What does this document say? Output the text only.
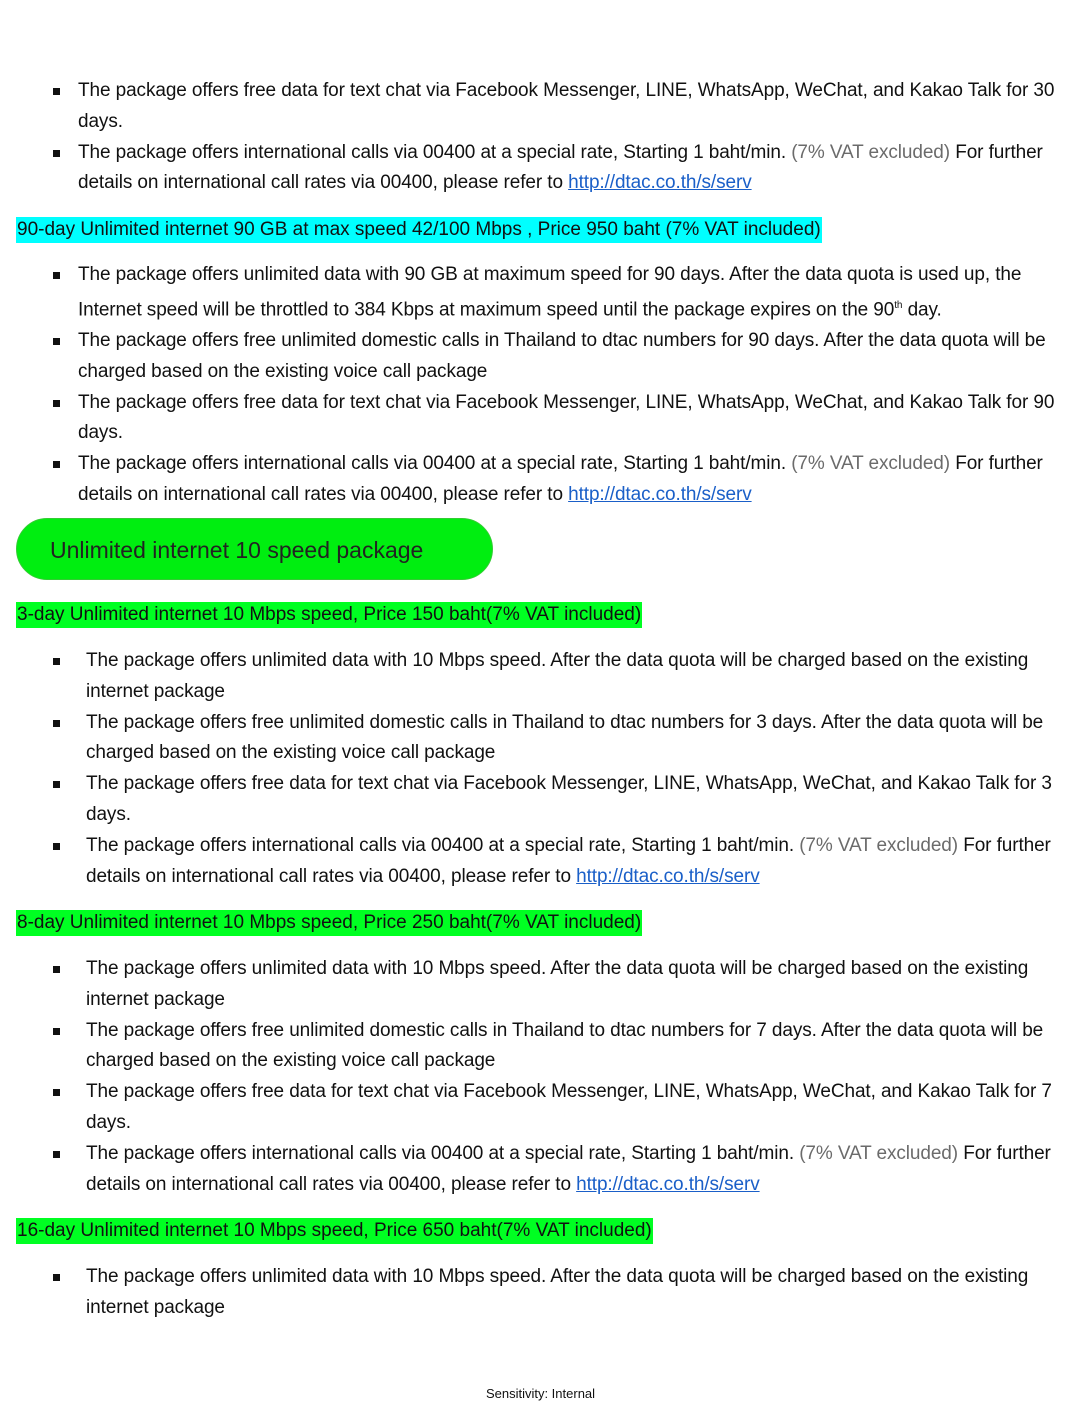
The package offers free data for text chat via Facebook Messenger, LINE, WhatsApp, WeChat, and Kakao Talk for 30 days.
The package offers international calls via 00400 at a special rate, Starting 1 baht/min. (7% VAT excluded) For further details on international call rates via 00400, please refer to http://dtac.co.th/s/serv
90-day Unlimited internet 90 GB at max speed 42/100 Mbps , Price 950 baht (7% VAT included)
The package offers unlimited data with 90 GB at maximum speed for 90 days. After the data quota is used up, the Internet speed will be throttled to 384 Kbps at maximum speed until the package expires on the 90th day.
The package offers free unlimited domestic calls in Thailand to dtac numbers for 90 days. After the data quota will be charged based on the existing voice call package
The package offers free data for text chat via Facebook Messenger, LINE, WhatsApp, WeChat, and Kakao Talk for 90 days.
The package offers international calls via 00400 at a special rate, Starting 1 baht/min. (7% VAT excluded) For further details on international call rates via 00400, please refer to http://dtac.co.th/s/serv
Unlimited internet 10 speed package
3-day Unlimited internet 10 Mbps speed, Price 150 baht(7% VAT included)
The package offers unlimited data with 10 Mbps speed. After the data quota will be charged based on the existing internet package
The package offers free unlimited domestic calls in Thailand to dtac numbers for 3 days. After the data quota will be charged based on the existing voice call package
The package offers free data for text chat via Facebook Messenger, LINE, WhatsApp, WeChat, and Kakao Talk for 3 days.
The package offers international calls via 00400 at a special rate, Starting 1 baht/min. (7% VAT excluded) For further details on international call rates via 00400, please refer to http://dtac.co.th/s/serv
8-day Unlimited internet 10 Mbps speed, Price 250 baht(7% VAT included)
The package offers unlimited data with 10 Mbps speed. After the data quota will be charged based on the existing internet package
The package offers free unlimited domestic calls in Thailand to dtac numbers for 7 days. After the data quota will be charged based on the existing voice call package
The package offers free data for text chat via Facebook Messenger, LINE, WhatsApp, WeChat, and Kakao Talk for 7 days.
The package offers international calls via 00400 at a special rate, Starting 1 baht/min. (7% VAT excluded) For further details on international call rates via 00400, please refer to http://dtac.co.th/s/serv
16-day Unlimited internet 10 Mbps speed, Price 650 baht(7% VAT included)
The package offers unlimited data with 10 Mbps speed. After the data quota will be charged based on the existing internet package
Sensitivity: Internal
